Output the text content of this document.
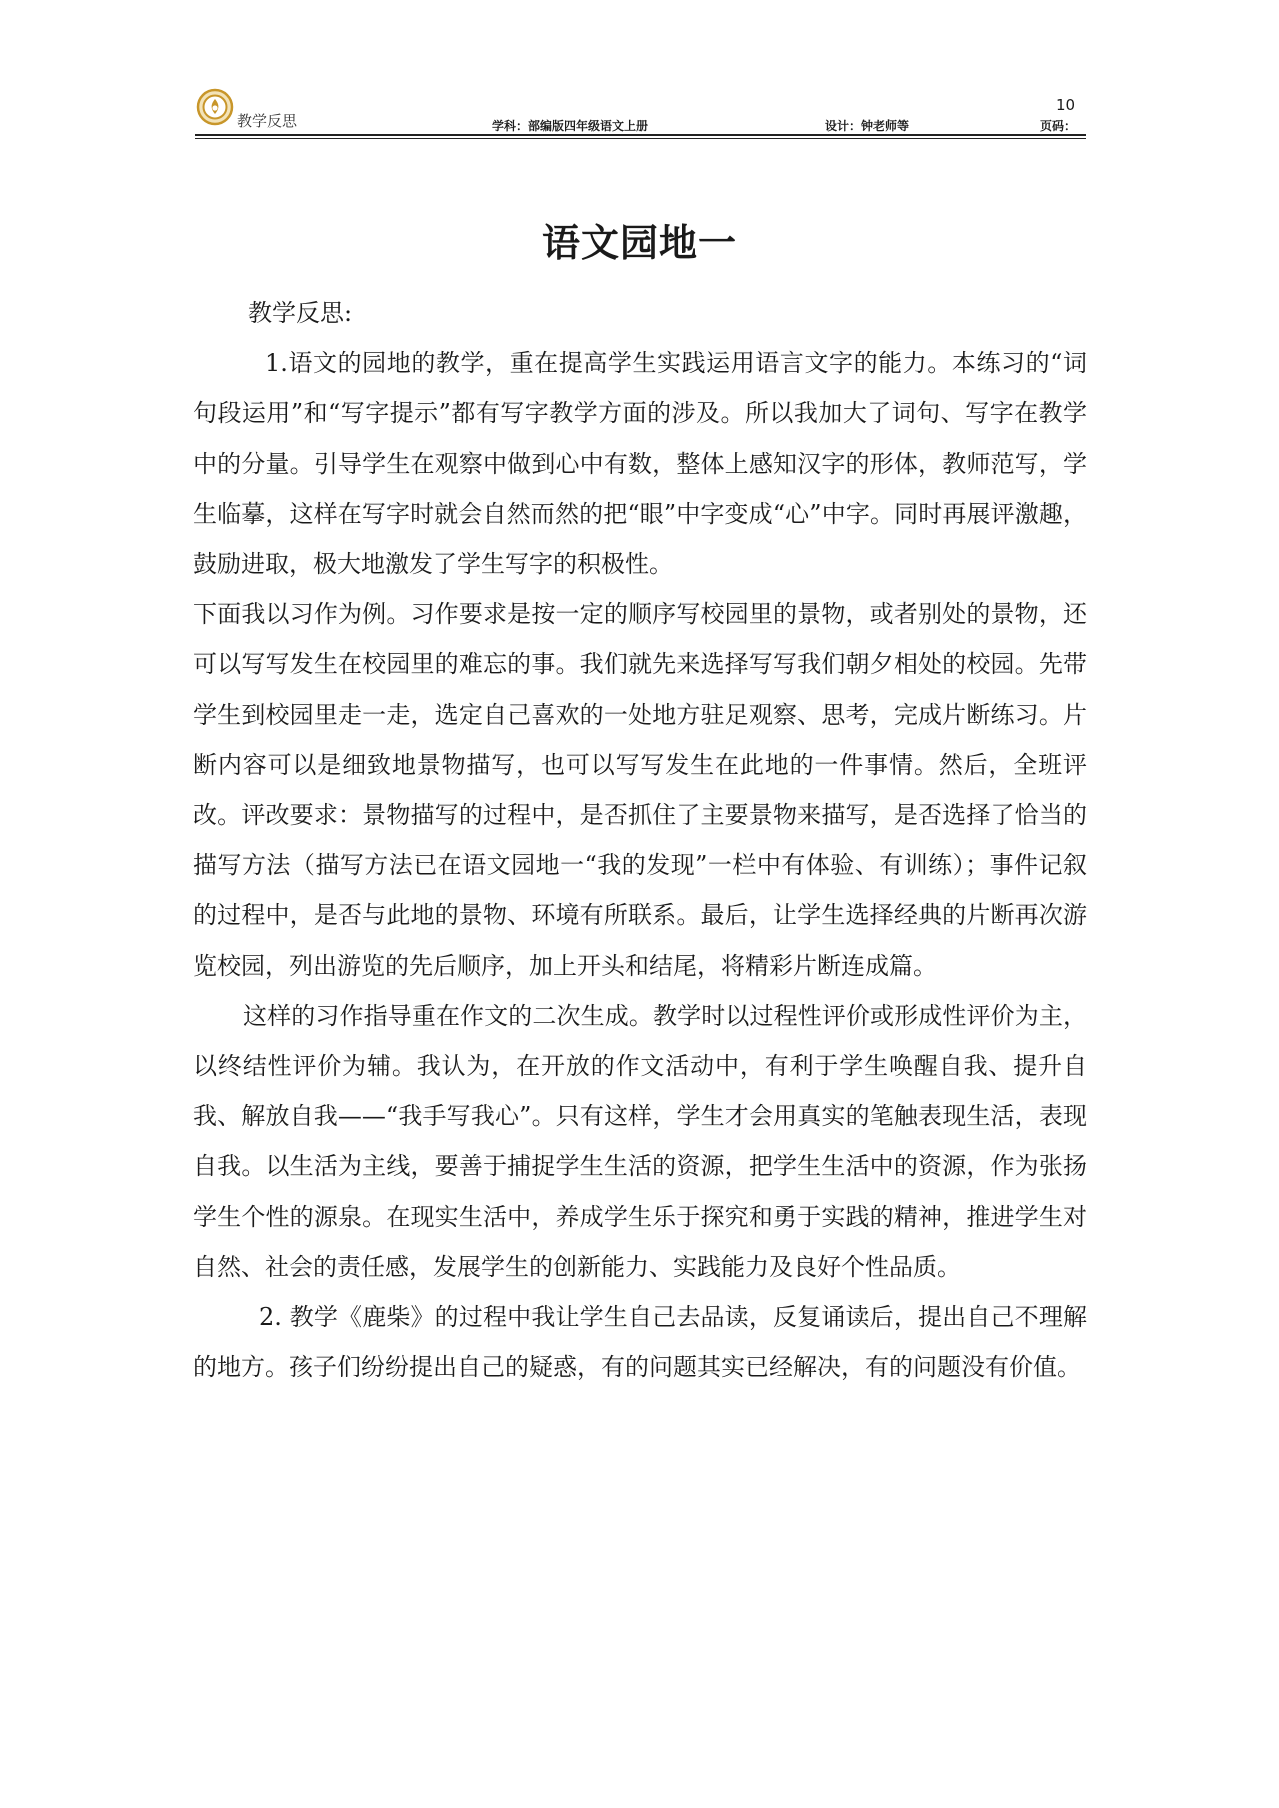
10
教学反思	学科：部编版四年级语文上册	设计：钟老师等	页码：
语文园地一

教学反思:

1.语文的园地的教学，重在提高学生实践运用语言文字的能力。本练习的“词句段运用”和“写字提示”都有写字教学方面的涉及。所以我加大了词句、写字在教学中的分量。引导学生在观察中做到心中有数，整体上感知汉字的形体，教师范写，学生临摹，这样在写字时就会自然而然的把“眼”中字变成“心”中字。同时再展评激趣，鼓励进取，极大地激发了学生写字的积极性。

下面我以习作为例。习作要求是按一定的顺序写校园里的景物，或者别处的景物，还可以写写发生在校园里的难忘的事。我们就先来选择写写我们朝夕相处的校园。先带学生到校园里走一走，选定自己喜欢的一处地方驻足观察、思考，完成片断练习。片断内容可以是细致地景物描写，也可以写写发生在此地的一件事情。然后，全班评改。评改要求：景物描写的过程中，是否抓住了主要景物来描写，是否选择了恰当的描写方法（描写方法已在语文园地一“我的发现”一栏中有体验、有训练）；事件记叙的过程中，是否与此地的景物、环境有所联系。最后，让学生选择经典的片断再次游览校园，列出游览的先后顺序，加上开头和结尾，将精彩片断连成篇。

这样的习作指导重在作文的二次生成。教学时以过程性评价或形成性评价为主，以终结性评价为辅。我认为，在开放的作文活动中，有利于学生唤醒自我、提升自我、解放自我——“我手写我心”。只有这样，学生才会用真实的笔触表现生活，表现自我。以生活为主线，要善于捕捉学生生活的资源，把学生生活中的资源，作为张扬学生个性的源泉。在现实生活中，养成学生乐于探究和勇于实践的精神，推进学生对自然、社会的责任感，发展学生的创新能力、实践能力及良好个性品质。

2. 教学《鹿柴》的过程中我让学生自己去品读，反复诵读后，提出自己不理解的地方。孩子们纷纷提出自己的疑惑，有的问题其实已经解决，有的问题没有价值。
